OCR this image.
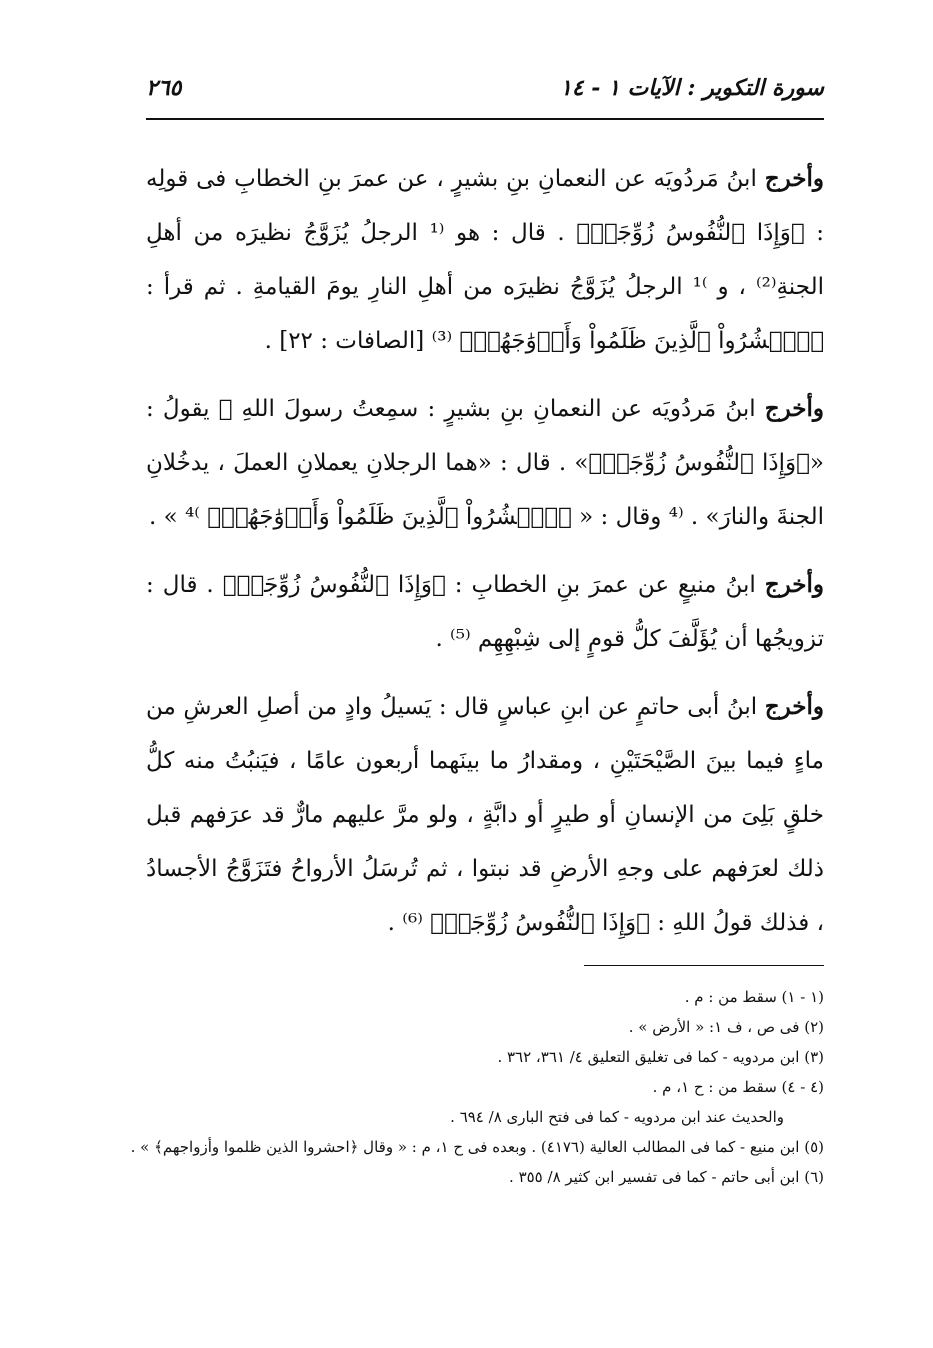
سورة التكوير : الآيات ١ - ١٤
٢٦٥

وأخرج ابنُ مَردُويَه عن النعمانِ بنِ بشيرٍ ، عن عمرَ بنِ الخطابِ فى قولِه : ﴿وَإِذَا ٱلنُّفُوسُ زُوِّجَتۡ﴾ . قال : هو ⁽¹ الرجلُ يُزَوَّجُ نظيرَه من أهلِ الجنةِ⁽²⁾ ، و ⁾¹ الرجلُ يُزَوَّجُ نظيرَه من أهلِ النارِ يومَ القيامةِ . ثم قرأ : ﴿ٱحۡشُرُواْ ٱلَّذِينَ ظَلَمُواْ وَأَزۡوَٰجَهُمۡ﴾ ⁽³⁾ [الصافات : ٢٢] .

وأخرج ابنُ مَردُويَه عن النعمانِ بنِ بشيرٍ : سمِعتُ رسولَ اللهِ ﷺ يقولُ : «﴿وَإِذَا ٱلنُّفُوسُ زُوِّجَتۡ﴾» . قال : «هما الرجلانِ يعملانِ العملَ ، يدخُلانِ الجنةَ والنارَ» . ⁽⁴ وقال : « ﴿ٱحۡشُرُواْ ٱلَّذِينَ ظَلَمُواْ وَأَزۡوَٰجَهُمۡ﴾ ⁾⁴ » .

وأخرج ابنُ منيعٍ عن عمرَ بنِ الخطابِ : ﴿وَإِذَا ٱلنُّفُوسُ زُوِّجَتۡ﴾ . قال : تزويجُها أن يُؤَلَّفَ كلُّ قومٍ إلى شِبْهِهِم ⁽⁵⁾ .

وأخرج ابنُ أبى حاتمٍ عن ابنِ عباسٍ قال : يَسيلُ وادٍ من أصلِ العرشِ من ماءٍ فيما بينَ الصَّيْحَتَيْنِ ، ومقدارُ ما بينَهما أربعون عامًا ، فيَنبُتُ منه كلُّ خلقٍ بَلِىَ من الإنسانِ أو طيرٍ أو دابَّةٍ ، ولو مرَّ عليهم مارٌّ قد عرَفهم قبل ذلك لعرَفهم على وجهِ الأرضِ قد نبتوا ، ثم تُرسَلُ الأرواحُ فتَزَوَّجُ الأجسادُ ، فذلك قولُ اللهِ : ﴿وَإِذَا ٱلنُّفُوسُ زُوِّجَتۡ﴾ ⁽⁶⁾ .

(١ - ١) سقط من : م .
(٢) فى ص ، ف ١: « الأرض » .
(٣) ابن مردويه - كما فى تغليق التعليق ٤/ ٣٦١، ٣٦٢ .
(٤ - ٤) سقط من : ح ١، م .
والحديث عند ابن مردويه - كما فى فتح البارى ٨/ ٦٩٤ .
(٥) ابن منيع - كما فى المطالب العالية (٤١٧٦) . وبعده فى ح ١، م : « وقال ﴿احشروا الذين ظلموا وأزواجهم﴾ » .
(٦) ابن أبى حاتم - كما فى تفسير ابن كثير ٨/ ٣٥٥ .
